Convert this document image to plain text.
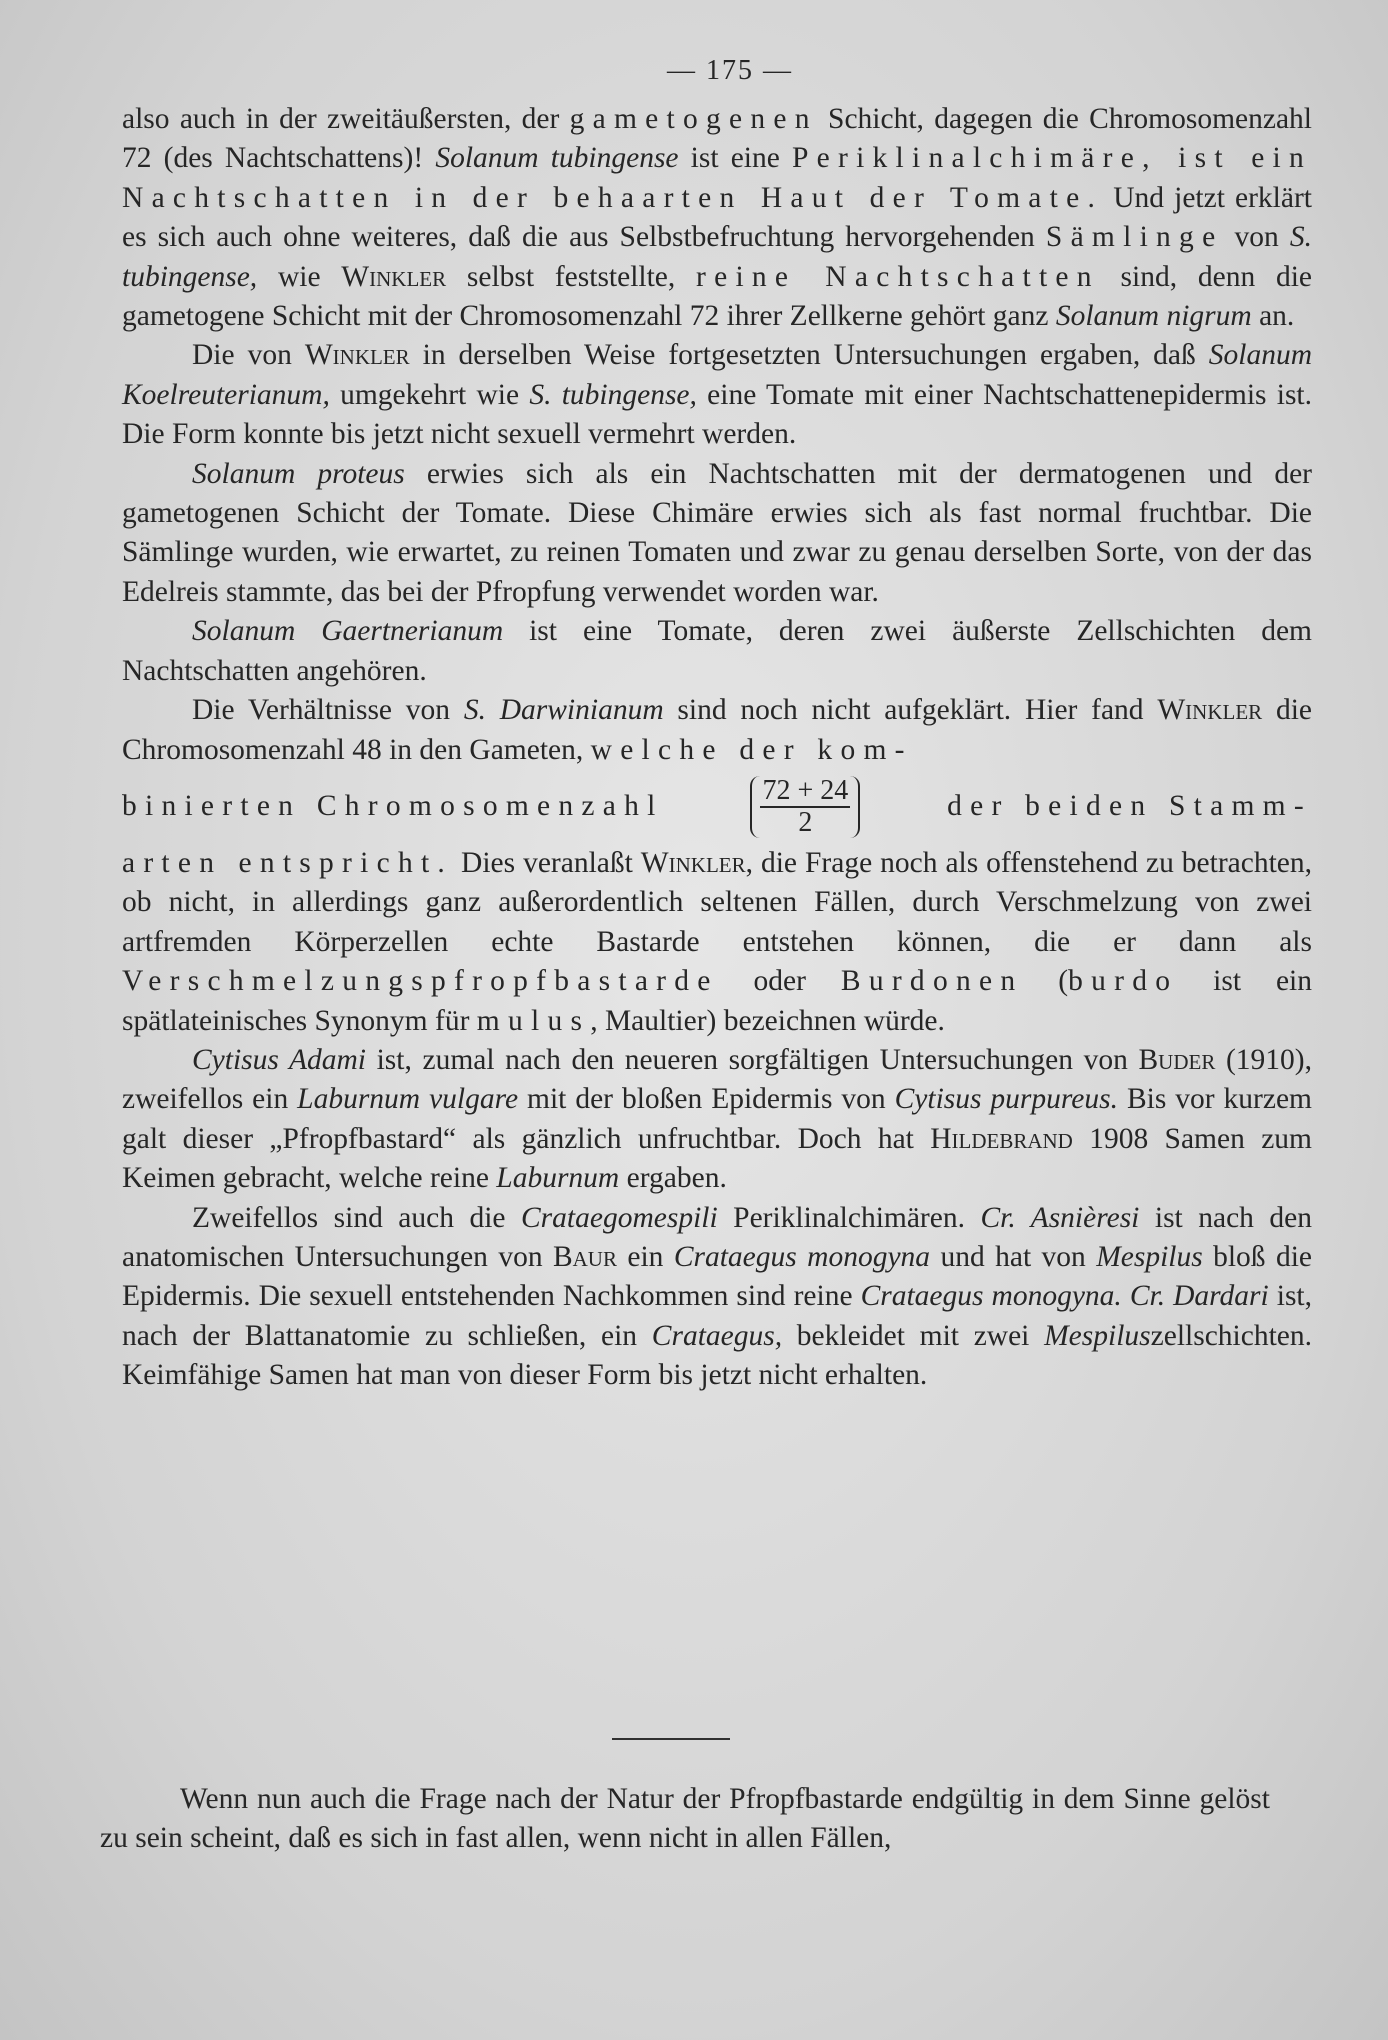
— 175 —

also auch in der zweitäußersten, der gametogenen Schicht, dagegen die Chromosomenzahl 72 (des Nachtschattens)! Solanum tubingense ist eine Periklinalchimäre, ist ein Nachtschatten in der behaarten Haut der Tomate. Und jetzt erklärt es sich auch ohne weiteres, daß die aus Selbstbefruchtung hervorgehenden Sämlinge von S. tubingense, wie Winkler selbst feststellte, reine Nachtschatten sind, denn die gametogene Schicht mit der Chromosomenzahl 72 ihrer Zellkerne gehört ganz Solanum nigrum an.

Die von Winkler in derselben Weise fortgesetzten Untersuchungen ergaben, daß Solanum Koelreuterianum, umgekehrt wie S. tubingense, eine Tomate mit einer Nachtschattenepidermis ist. Die Form konnte bis jetzt nicht sexuell vermehrt werden.

Solanum proteus erwies sich als ein Nachtschatten mit der dermatogenen und der gametogenen Schicht der Tomate. Diese Chimäre erwies sich als fast normal fruchtbar. Die Sämlinge wurden, wie erwartet, zu reinen Tomaten und zwar zu genau derselben Sorte, von der das Edelreis stammte, das bei der Pfropfung verwendet worden war.

Solanum Gaertnerianum ist eine Tomate, deren zwei äußerste Zellschichten dem Nachtschatten angehören.

Die Verhältnisse von S. Darwinianum sind noch nicht aufgeklärt. Hier fand Winkler die Chromosomenzahl 48 in den Gameten, welche der kom-

binierten Chromosomenzahl	$\frac{72 + 24}{2}$	der beiden Stamm-

arten entspricht. Dies veranlaßt Winkler, die Frage noch als offenstehend zu betrachten, ob nicht, in allerdings ganz außerordentlich seltenen Fällen, durch Verschmelzung von zwei artfremden Körperzellen echte Bastarde entstehen können, die er dann als Verschmelzungspfropfbastarde oder Burdonen (burdo ist ein spätlateinisches Synonym für mulus, Maultier) bezeichnen würde.

Cytisus Adami ist, zumal nach den neueren sorgfältigen Untersuchungen von Buder (1910), zweifellos ein Laburnum vulgare mit der bloßen Epidermis von Cytisus purpureus. Bis vor kurzem galt dieser „Pfropfbastard“ als gänzlich unfruchtbar. Doch hat Hildebrand 1908 Samen zum Keimen gebracht, welche reine Laburnum ergaben.

Zweifellos sind auch die Crataegomespili Periklinalchimären. Cr. Asnièresi ist nach den anatomischen Untersuchungen von Baur ein Crataegus monogyna und hat von Mespilus bloß die Epidermis. Die sexuell entstehenden Nachkommen sind reine Crataegus monogyna. Cr. Dardari ist, nach der Blattanatomie zu schließen, ein Crataegus, bekleidet mit zwei Mespiluszellschichten. Keimfähige Samen hat man von dieser Form bis jetzt nicht erhalten.

Wenn nun auch die Frage nach der Natur der Pfropfbastarde endgültig in dem Sinne gelöst zu sein scheint, daß es sich in fast allen, wenn nicht in allen Fällen,
